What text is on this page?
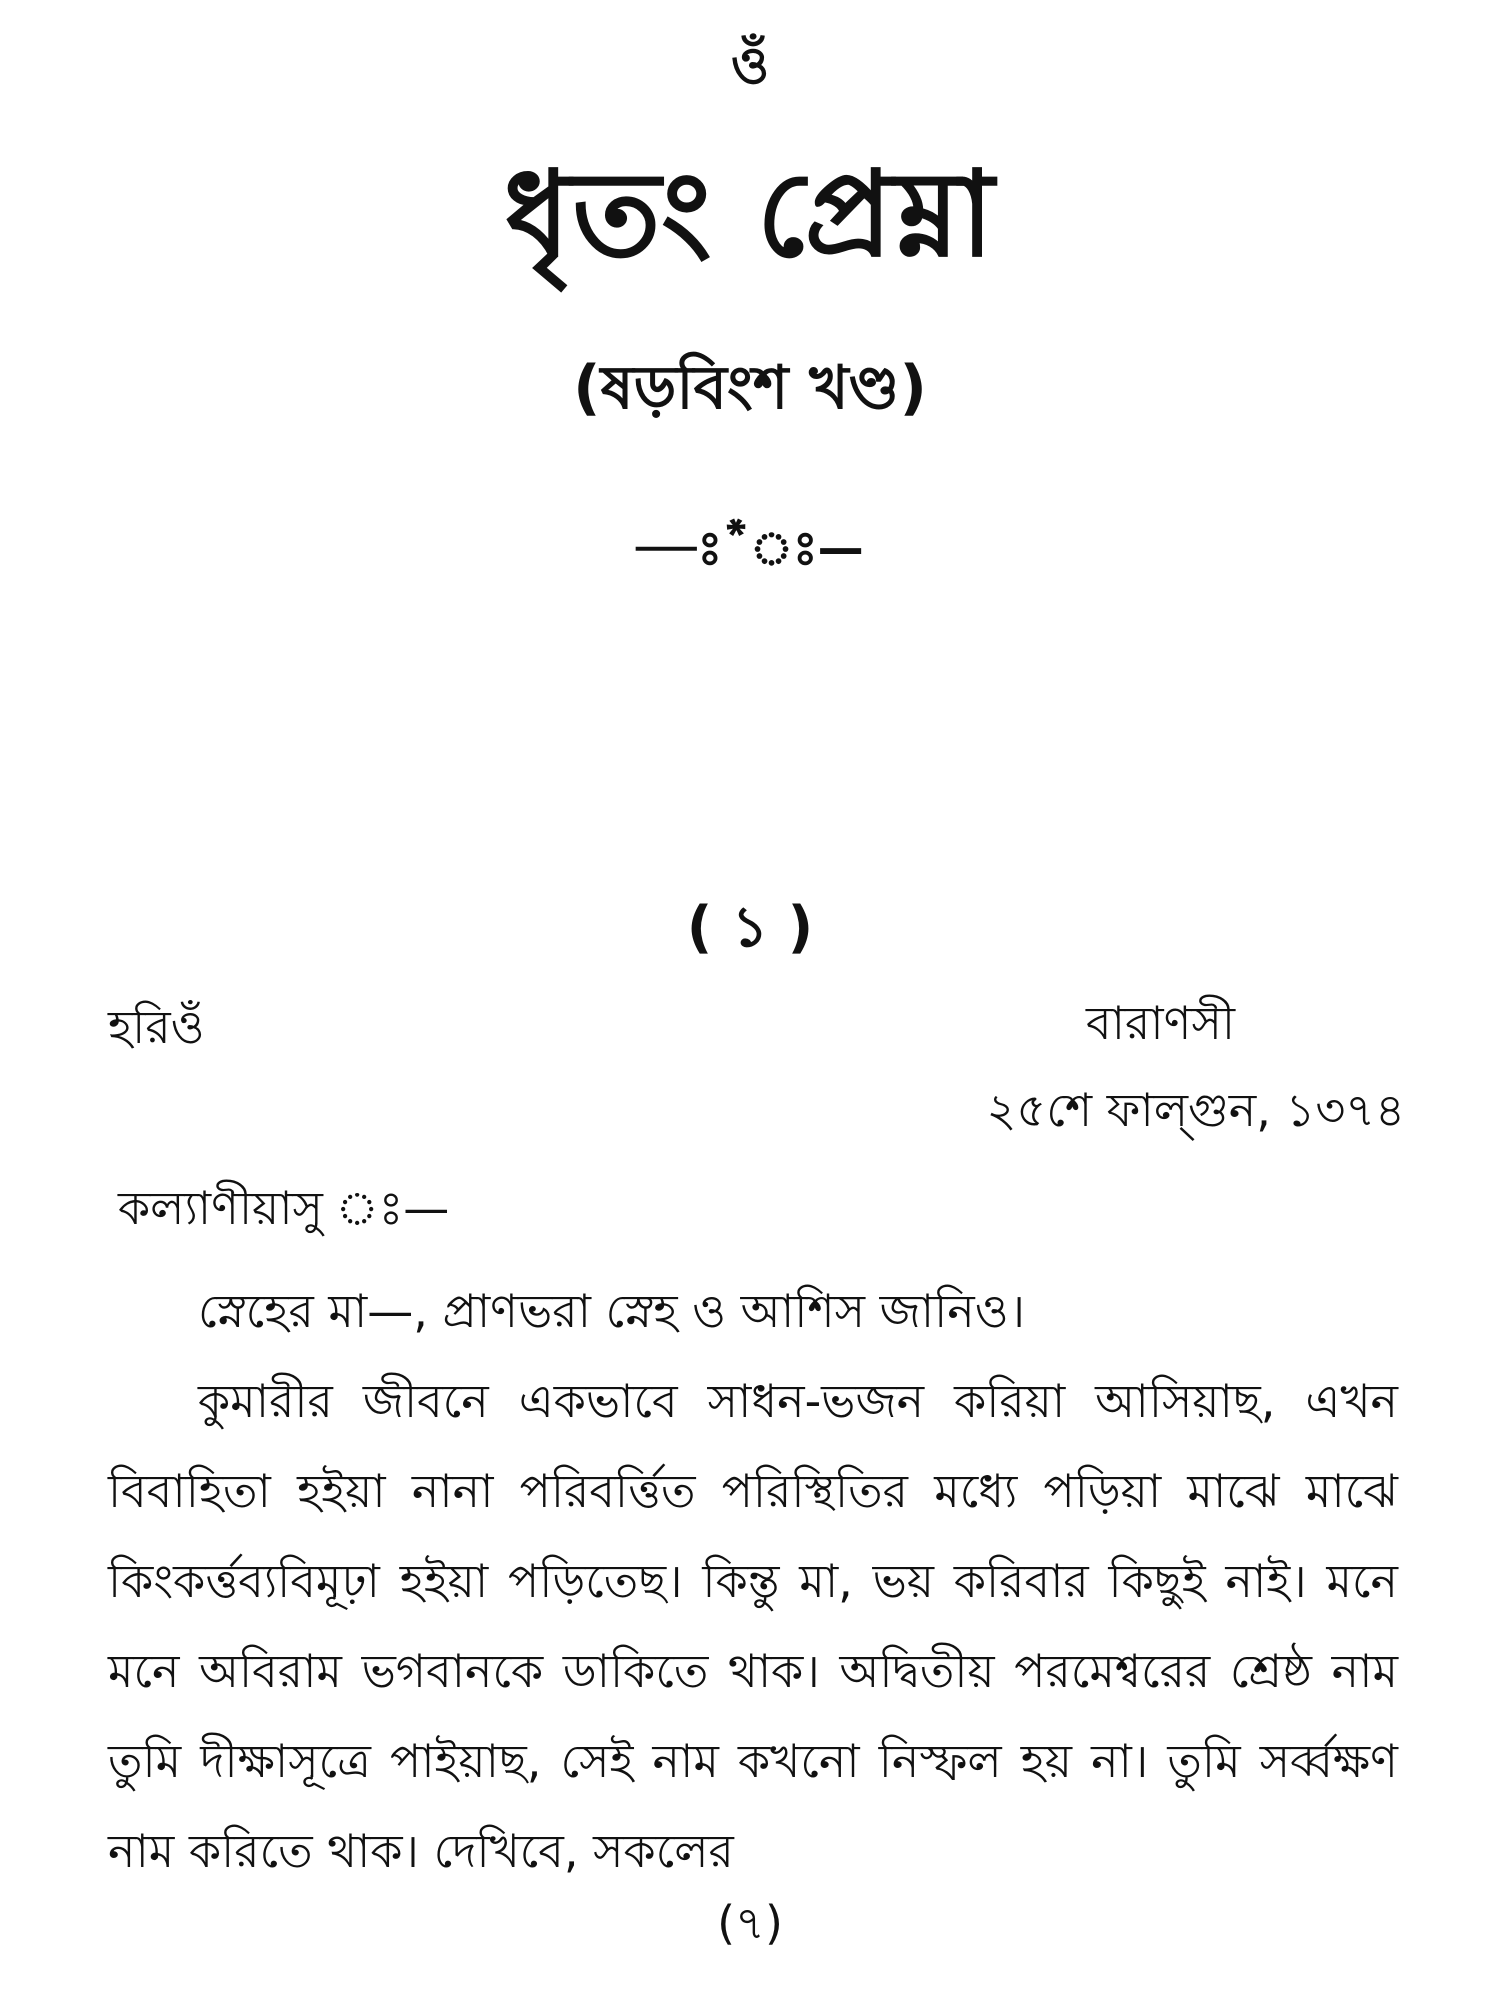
ওঁ
ধৃতং প্রেম্না
(ষড়বিংশ খণ্ড)
—ঃ*ঃ—
( ১ )
হরিওঁ	বারাণসী
২৫শে ফাল্গুন, ১৩৭৪
কল্যাণীয়াসু ঃ—

স্নেহের মা—, প্রাণভরা স্নেহ ও আশিস জানিও।

কুমারীর জীবনে একভাবে সাধন-ভজন করিয়া আসিয়াছ, এখন বিবাহিতা হইয়া নানা পরিবর্ত্তিত পরিস্থিতির মধ্যে পড়িয়া মাঝে মাঝে কিংকর্ত্তব্যবিমূঢ়া হইয়া পড়িতেছ। কিন্তু মা, ভয় করিবার কিছুই নাই। মনে মনে অবিরাম ভগবানকে ডাকিতে থাক। অদ্বিতীয় পরমেশ্বরের শ্রেষ্ঠ নাম তুমি দীক্ষাসূত্রে পাইয়াছ, সেই নাম কখনো নিস্ফল হয় না। তুমি সর্ব্বক্ষণ নাম করিতে থাক। দেখিবে, সকলের

(৭)
